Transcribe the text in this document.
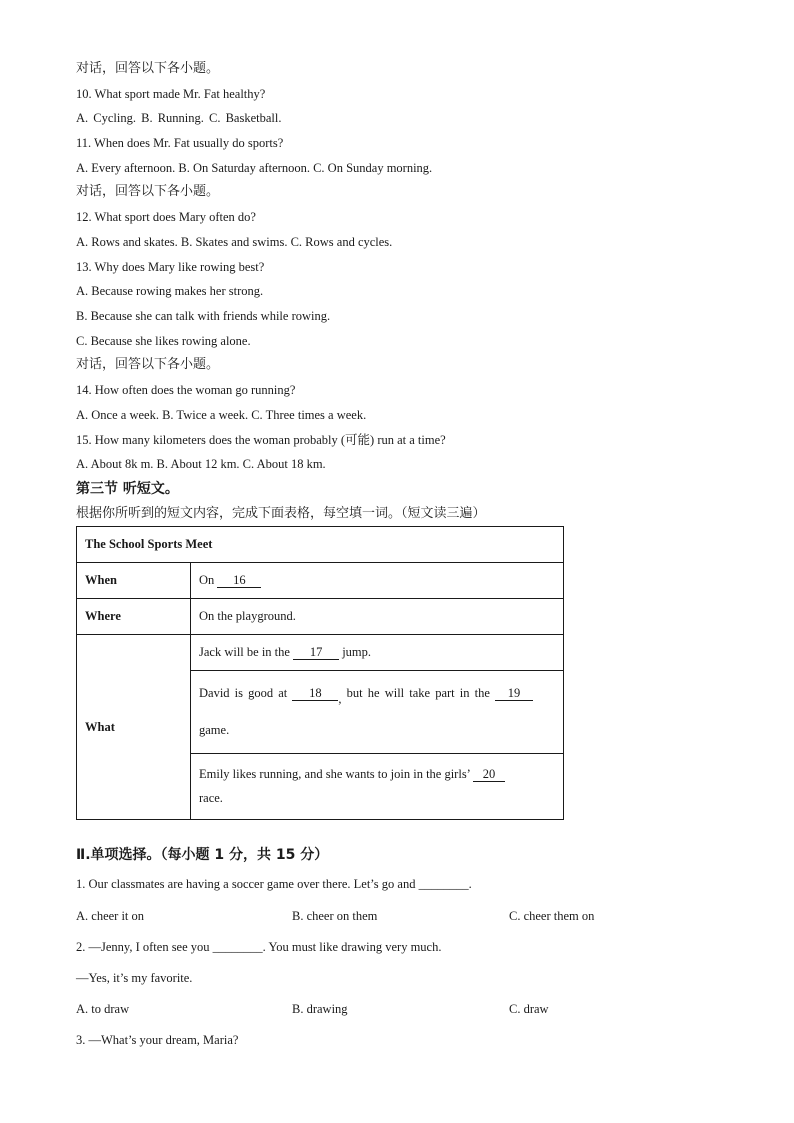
对话，回答以下各小题。
10. What sport made Mr. Fat healthy?
A. Cycling. B. Running. C. Basketball.
11. When does Mr. Fat usually do sports?
A. Every afternoon. B. On Saturday afternoon. C. On Sunday morning.
对话，回答以下各小题。
12. What sport does Mary often do?
A. Rows and skates. B. Skates and swims. C. Rows and cycles.
13. Why does Mary like rowing best?
A. Because rowing makes her strong.
B. Because she can talk with friends while rowing.
C. Because she likes rowing alone.
对话，回答以下各小题。
14. How often does the woman go running?
A. Once a week. B. Twice a week. C. Three times a week.
15. How many kilometers does the woman probably (可能) run at a time?
A. About 8k m. B. About 12 km. C. About 18 km.
第三节 听短文。
根据你所听到的短文内容，完成下面表格，每空填一词。（短文读三遍）
The School Sports Meet	
When	On 16
Where	On the playground.
What	Jack will be in the 17 jump.

	David is good at 18 , but he will take part in the 19
game.

	Emily likes running, and she wants to join in the girls’ 20
race.
Ⅱ.单项选择。（每小题 1 分，共 15 分）
1. Our classmates are having a soccer game over there. Let’s go and ________.
A. cheer it on	B. cheer on them	C. cheer them on
2. —Jenny, I often see you ________. You must like drawing very much.
—Yes, it’s my favorite.
A. to draw	B. drawing	C. draw
3. —What’s your dream, Maria?
